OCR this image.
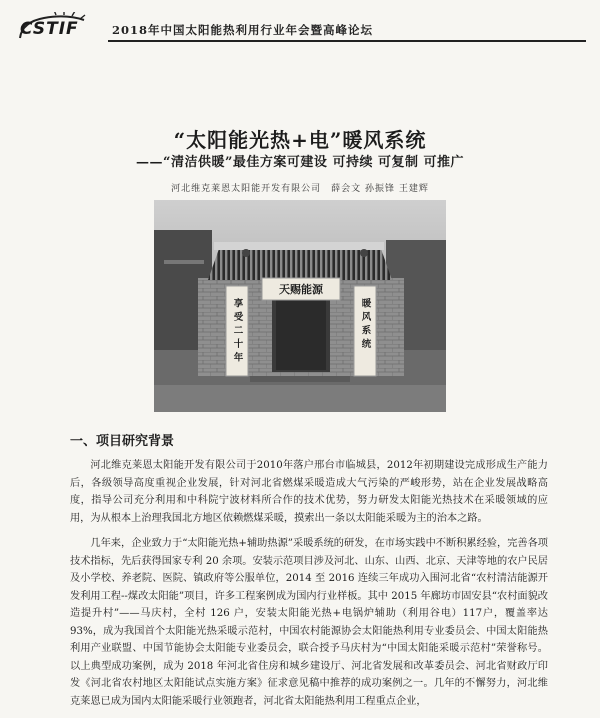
CSTIF	2018年中国太阳能热利用行业年会暨高峰论坛
“太阳能光热+电”暖风系统
——“清洁供暖”最佳方案可建设 可持续 可复制 可推广
河北维克莱恩太阳能开发有限公司　薛会文 孙振锋 王建辉
天赐能源
享受二十年	暖风系统
一、项目研究背景

河北维克莱恩太阳能开发有限公司于2010年落户邢台市临城县，2012年初期建设完成形成生产能力后，各级领导高度重视企业发展，针对河北省燃煤采暖造成大气污染的严峻形势，站在企业发展战略高度，指导公司充分利用和中科院宁波材料所合作的技术优势，努力研发太阳能光热技术在采暖领域的应用，为从根本上治理我国北方地区依赖燃煤采暖，摸索出一条以太阳能采暖为主的治本之路。

几年来，企业致力于“太阳能光热+辅助热源”采暖系统的研发，在市场实践中不断积累经验，完善各项技术指标，先后获得国家专利 20 余项。安装示范项目涉及河北、山东、山西、北京、天津等地的农户民居及小学校、养老院、医院、镇政府等公服单位，2014 至 2016 连续三年成功入围河北省“农村清洁能源开发利用工程--煤改太阳能”项目，许多工程案例成为国内行业样板。其中 2015 年廊坊市固安县“农村面貌改造提升村”——马庆村，全村 126 户，安装太阳能光热+电锅炉辅助（利用谷电）117户，覆盖率达 93%，成为我国首个太阳能光热采暖示范村，中国农村能源协会太阳能热利用专业委员会、中国太阳能热利用产业联盟、中国节能协会太阳能专业委员会，联合授予马庆村为“中国太阳能采暖示范村”荣誉称号。以上典型成功案例，成为 2018 年河北省住房和城乡建设厅、河北省发展和改革委员会、河北省财政厅印发《河北省农村地区太阳能试点实施方案》征求意见稿中推荐的成功案例之一。几年的不懈努力，河北维克莱恩已成为国内太阳能采暖行业领跑者，河北省太阳能热利用工程重点企业，
